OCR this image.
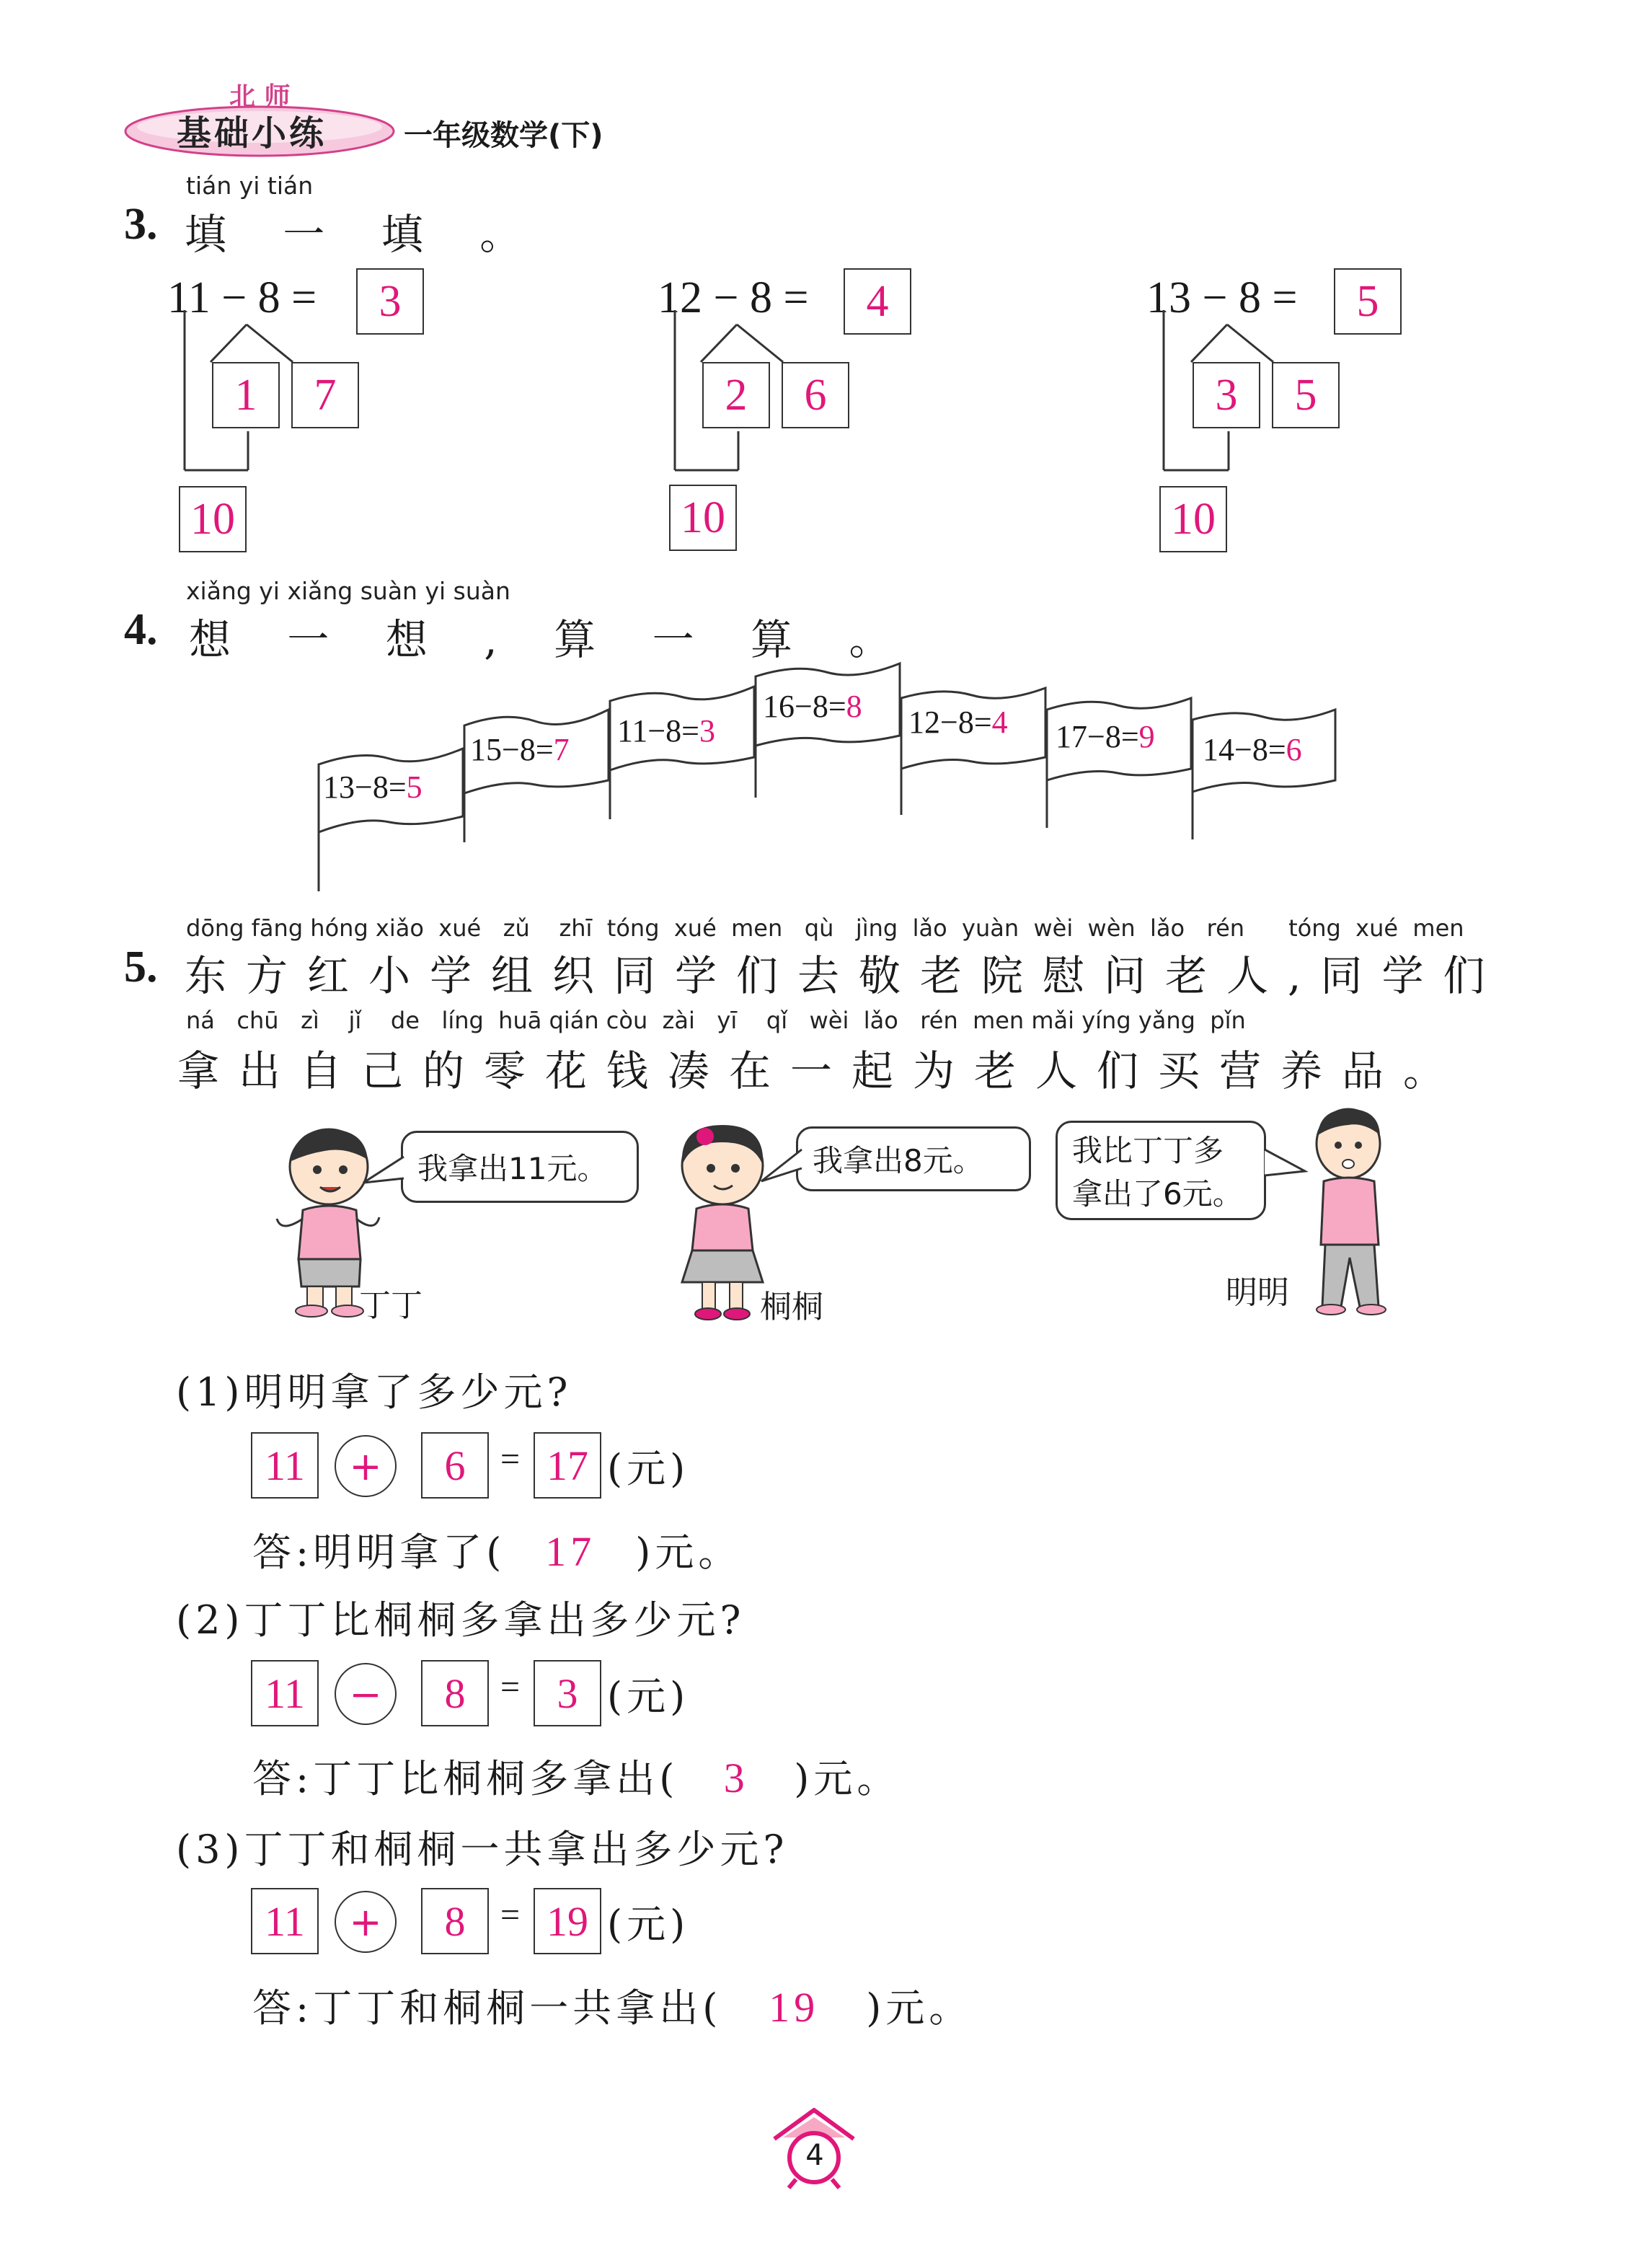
北 师
基础小练	一年级数学(下)
tián yi tián
3. 填 一 填 。
11 − 8 =	3
1	7
10
12 − 8 =	4
2	6
10
13 − 8 =	5
3	5
10
xiǎng yi xiǎng suàn yi suàn
4. 想 一 想 , 算 一 算 。
13−8=5
15−8=7
11−8=3
16−8=8 12−8=4 17−8=9 14−8=6
dōng fāng hóng xiǎo  xué   zǔ    zhī  tóng  xué  men   qù   jìng  lǎo  yuàn  wèi  wèn  lǎo   rén      tóng  xué  men
5. 东方红小学组织同学们去敬老院慰问老人,同学们
ná   chū   zì    jǐ    de   líng  huā qián còu  zài   yī    qǐ   wèi  lǎo   rén  men mǎi yíng yǎng  pǐn
拿出自己的零花钱凑在一起为老人们买营养品。
我拿出11元。
丁丁
我拿出8元。
桐桐
我比丁丁多
拿出了6元。
明明
(1)明明拿了多少元?
11	+	6	= 17 (元)
答:明明拿了( 17 )元。
(2)丁丁比桐桐多拿出多少元?
11	−	8	= 3 (元)
答:丁丁比桐桐多拿出( 3 )元。
(3)丁丁和桐桐一共拿出多少元?
11	+	8	= 19 (元)
答:丁丁和桐桐一共拿出( 19 )元。
4
